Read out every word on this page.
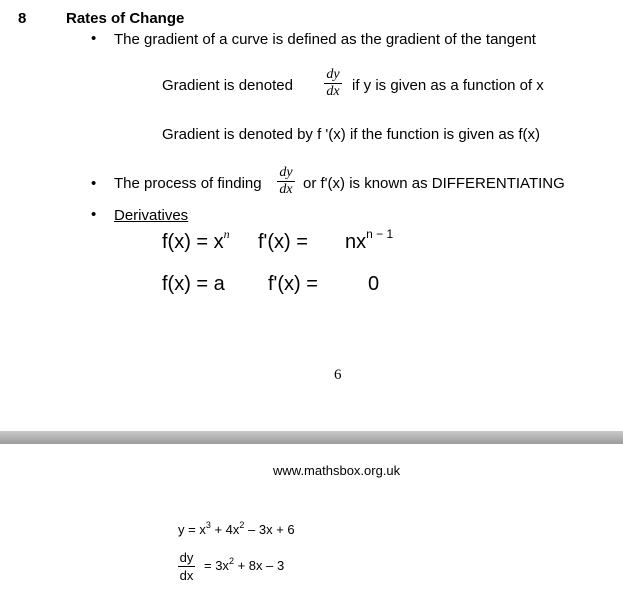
8	Rates of Change
• The gradient of a curve is defined as the gradient of the tangent
Gradient is denoted
dy
dx if y is given as a function of x
Gradient is denoted by f '(x) if the function is given as f(x)
• The process of finding
dy
dx or f'(x) is known as DIFFERENTIATING
• Derivatives
$f(x) = x^n$ $f'(x) = nx^{n - 1}$
f(x) = a f'(x) =	0
6
www.mathsbox.org.uk
$y = x^3 + 4x^2 - 3x + 6$
dy
dx
= $3x^2 + 8x - 3$
